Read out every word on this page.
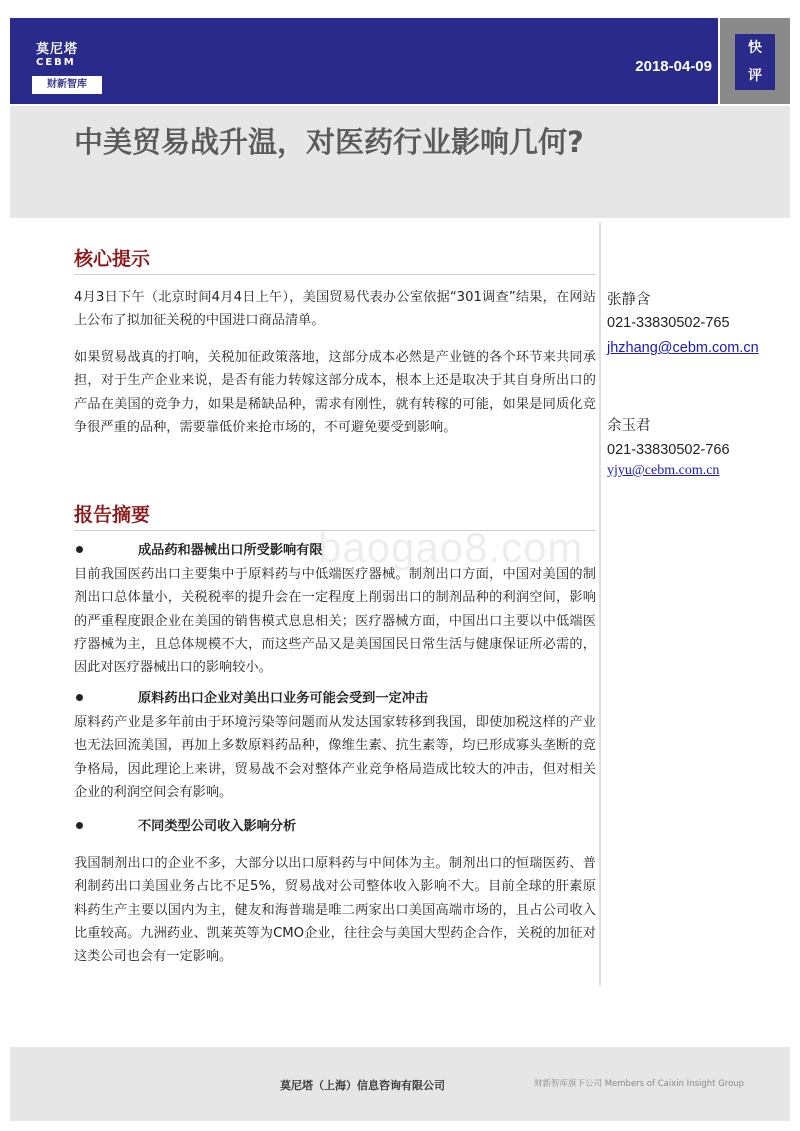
莫尼塔
CEBM
财新智库
2018-04-09
快
评
中美贸易战升温，对医药行业影响几何?
核心提示
4月3日下午（北京时间4月4日上午），美国贸易代表办公室依据“301调查”结果，在网站上公布了拟加征关税的中国进口商品清单。
如果贸易战真的打响，关税加征政策落地，这部分成本必然是产业链的各个环节来共同承担，对于生产企业来说，是否有能力转嫁这部分成本，根本上还是取决于其自身所出口的产品在美国的竞争力，如果是稀缺品种，需求有刚性，就有转稼的可能，如果是同质化竞争很严重的品种，需要靠低价来抢市场的，不可避免要受到影响。
报告摘要
成品药和器械出口所受影响有限
目前我国医药出口主要集中于原料药与中低端医疗器械。制剂出口方面，中国对美国的制剂出口总体量小，关税税率的提升会在一定程度上削弱出口的制剂品种的利润空间，影响的严重程度跟企业在美国的销售模式息息相关；医疗器械方面，中国出口主要以中低端医疗器械为主，且总体规模不大，而这些产品又是美国国民日常生活与健康保证所必需的，因此对医疗器械出口的影响较小。
原料药出口企业对美出口业务可能会受到一定冲击
原料药产业是多年前由于环境污染等问题而从发达国家转移到我国，即使加税这样的产业也无法回流美国，再加上多数原料药品种，像维生素、抗生素等，均已形成寡头垄断的竞争格局，因此理论上来讲，贸易战不会对整体产业竞争格局造成比较大的冲击，但对相关企业的利润空间会有影响。
不同类型公司收入影响分析
我国制剂出口的企业不多，大部分以出口原料药与中间体为主。制剂出口的恒瑞医药、普利制药出口美国业务占比不足5%，贸易战对公司整体收入影响不大。目前全球的肝素原料药生产主要以国内为主，健友和海普瑞是唯二两家出口美国高端市场的，且占公司收入比重较高。九洲药业、凯莱英等为CMO企业，往往会与美国大型药企合作，关税的加征对这类公司也会有一定影响。
张静含
021-33830502-765
jhzhang@cebm.com.cn
余玉君
021-33830502-766
yjyu@cebm.com.cn
baogao8.com
莫尼塔（上海）信息咨询有限公司	财新智库旗下公司 Members of Caixin Insight Group
